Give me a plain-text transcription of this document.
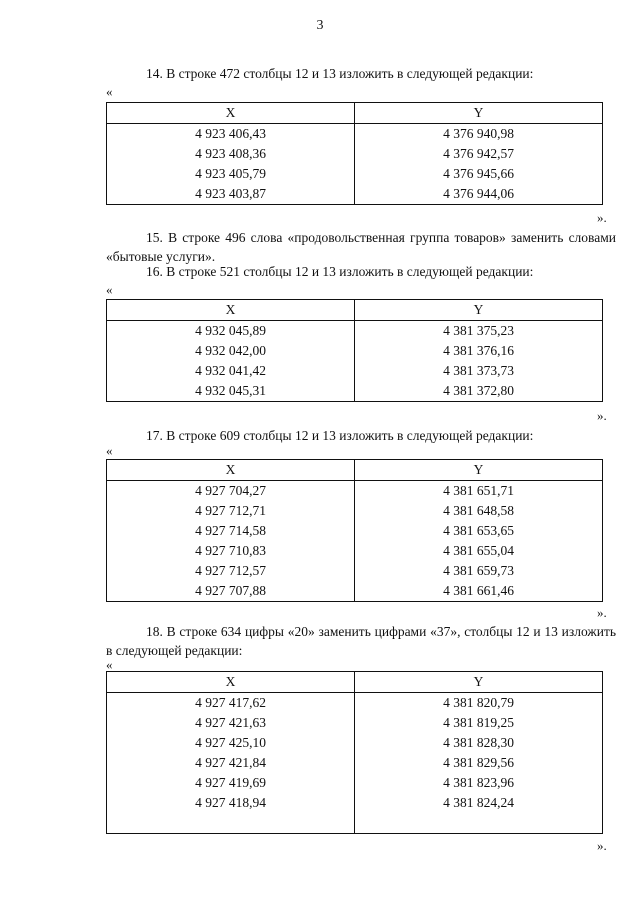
3
14. В строке 472 столбцы 12 и 13 изложить в следующей редакции:
«
X	Y
4 923 406,43	4 376 940,98
4 923 408,36	4 376 942,57
4 923 405,79	4 376 945,66
4 923 403,87	4 376 944,06
».
15. В строке 496 слова «продовольственная группа товаров» заменить словами «бытовые услуги».
16. В строке 521 столбцы 12 и 13 изложить в следующей редакции:
«
X	Y
4 932 045,89	4 381 375,23
4 932 042,00	4 381 376,16
4 932 041,42	4 381 373,73
4 932 045,31	4 381 372,80
».
17. В строке 609 столбцы 12 и 13 изложить в следующей редакции:
«
X	Y
4 927 704,27	4 381 651,71
4 927 712,71	4 381 648,58
4 927 714,58	4 381 653,65
4 927 710,83	4 381 655,04
4 927 712,57	4 381 659,73
4 927 707,88	4 381 661,46
».
18. В строке 634 цифры «20» заменить цифрами «37», столбцы 12 и 13 изложить в следующей редакции:
«
X	Y
4 927 417,62	4 381 820,79
4 927 421,63	4 381 819,25
4 927 425,10	4 381 828,30
4 927 421,84	4 381 829,56
4 927 419,69	4 381 823,96
4 927 418,94	4 381 824,24

».
